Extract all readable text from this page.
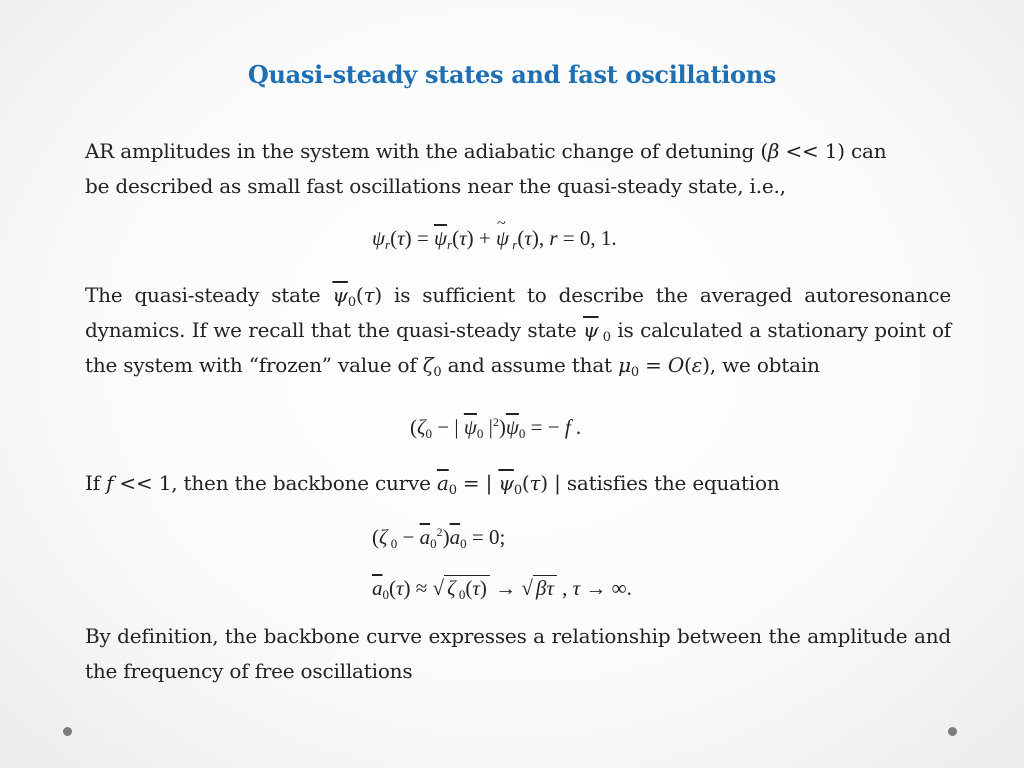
Quasi-steady states and fast oscillations
AR amplitudes in the system with the adiabatic change of detuning (β << 1) can
be described as small fast oscillations near the quasi-steady state, i.e.,
$\psi_r(\tau) = \overline{\psi}_r(\tau)$ + ~ ψ $_r$(τ), r = 0, 1.
The quasi-steady state $\overline{\psi}_0(\tau)$ is sufficient to describe the averaged autoresonance dynamics. If we recall that the quasi-steady state $\overline{\psi}$ $_0$ is calculated a stationary point of the system with “frozen” value of $\zeta_0$ and assume that $\mu_0 = O(\varepsilon)$, we obtain
($\zeta_0$ − | $\overline{\psi}_0$ $|^2)\overline{\psi}_0$ = − f .
If f << 1, then the backbone curve $\overline{a}_0$ = | $\overline{\psi}_0(\tau)$ | satisfies the equation
(ζ $_0 - \overline{a}_0^2)\overline{a}_0 = 0$;
$\overline{a}_0(\tau)$ ≈ √ ζ $_0$(τ) → √ βτ , τ → ∞.
By definition, the backbone curve expresses a relationship between the amplitude and the frequency of free oscillations
